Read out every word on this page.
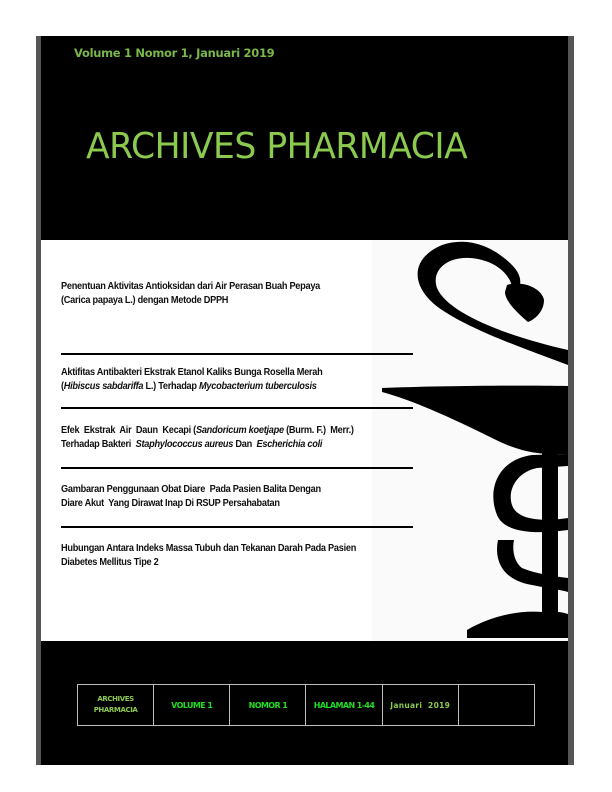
Volume 1 Nomor 1, Januari 2019
ARCHIVES PHARMACIA
Penentuan Aktivitas Antioksidan dari Air Perasan Buah Pepaya
(Carica papaya L.) dengan Metode DPPH
Aktifitas Antibakteri Ekstrak Etanol Kaliks Bunga Rosella Merah
(Hibiscus sabdariffa L.) Terhadap Mycobacterium tuberculosis
Efek  Ekstrak  Air  Daun  Kecapi (Sandoricum koetjape (Burm. F.)  Merr.)
Terhadap Bakteri  Staphylococcus aureus Dan  Escherichia coli
Gambaran Penggunaan Obat Diare  Pada Pasien Balita Dengan
Diare Akut  Yang Dirawat Inap Di RSUP Persahabatan
Hubungan Antara Indeks Massa Tubuh dan Tekanan Darah Pada Pasien
Diabetes Mellitus Tipe 2
ARCHIVES
PHARMACIA
	VOLUME 1	NOMOR 1	HALAMAN 1-44	Januari  2019	
